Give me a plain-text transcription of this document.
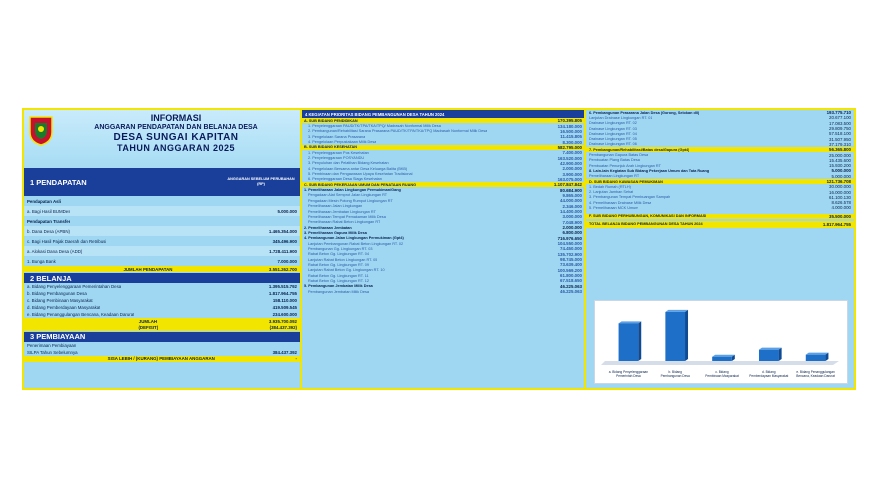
INFORMASI
ANGGARAN PENDAPATAN DAN BELANJA DESA
DESA SUNGAI KAPITAN
TAHUN ANGGARAN 2025
1 PENDAPATAN	ANGGARAN SEBELUM PERUBAHAN (RP)
Pendapatan Asli
a. Bagi Hasil BUMDes	5.000.000
Pendapatan Transfer
b. Dana Desa (APBN)	1.465.354.000
c. Bagi Hasil Pajak Daerah dan Retribusi	345.496.900
a. Alokasi Dana Desa (ADD)	1.728.411.900
1. Bunga Bank	7.000.000
JUMLAH PENDAPATAN	3.551.262.700
2 BELANJA
a. Bidang Penyelenggaraan Pemerintahan Desa	1.395.515.792
b. Bidang Pembangunan Desa	1.817.964.755
c. Bidang Pembinaan Masyarakat	158.110.000
d. Bidang Pemberdayaan Masyarakat	419.509.545
e. Bidang Penanggulangan Bencana, Keadaan Darurat	234.600.000
JUMLAH	3.935.700.092
(DEFISIT)	(384.437.392)
3 PEMBIAYAAN
Penerimaan Pembiayaan
SILPA Tahun Sebelumnya	384.437.392
SISA LEBIH / (KURANG) PEMBIAYAAN ANGGARAN	-
4 KEGIATAN PRIORITAS BIDANG PEMBANGUNAN DESA TAHUN 2024
A. SUB BIDANG PENDIDIKAN	170.395.805
1. Penyelenggaraan PAUD/TK/TPA/TKA/TPQ/ Madrasah Nonformal Milik Desa	134.180.000
2. Pembangunan/Rehabilitasi Sarana Prasarana PAUD/TK/TPA/TKA/TPQ Madrasah Nonformal Milik Desa	16.500.000
3. Pengelolaan Sarana Prasarana	11.415.805
4. Pengelolaan Perpustakaan Milik Desa	8.300.000
B. SUB BIDANG KESEHATAN	582.795.000
1. Penyelenggaraan Pos Kesehatan	7.400.000
2. Penyelenggaraan POSYANDU	163.520.000
3. Penyuluhan dan Pelatihan Bidang Kesehatan	42.900.000
4. Pengelolaan Bersama antar Desa Keluarga Balita (BKB)	2.000.000
5. Pembinaan dan Pengawasan Upaya Kesehatan Tradisional	3.900.000
6. Penyelenggaraan Desa Siaga Kesehatan	163.075.000
C. SUB BIDANG PEKERJAAN UMUM DAN PENATAAN RUANG	1.107.847.842
1. Pemeliharaan Jalan Lingkungan Permukiman/Gang	80.684.900
Pengadaan Alat Semprot Jalan Lingkungan RT	9.865.000
Pengadaan Mesin Potong Rumput Lingkungan RT	44.000.000
Pemeliharaan Jalan Lingkungan	2.346.000
Pemeliharaan Jembatan Lingkungan RT	14.400.000
Pemeliharaan Tempat Pemakaman Milik Desa	3.000.000
Pemeliharaan Rabat Beton Lingkungan RT	7.048.900
2. Pemeliharaan Jembatan	2.000.000
3. Pemeliharaan Gapura Milik Desa	6.800.000
4. Pembangunan Jalan Lingkungan Permukiman (Gpt4)	716.976.650
Lanjutan Pembangunan Rabat Beton Lingkungan RT. 02	104.550.000
Pembangunan Gg. Lingkungan RT. 03	74.450.000
Rabat Beton Gg. Lingkungan RT. 04	135.702.900
Lanjutan Rabat Beton Lingkungan RT. 05	98.745.000
Rabat Beton Gg. Lingkungan RT. 09	73.639.400
Lanjutan Rabat Beton Gg. Lingkungan RT. 10	100.569.200
Rabat Beton Gg. Lingkungan RT. 11	61.800.000
Rabat Beton Gg. Lingkungan RT. 12	67.518.650
5. Pembangunan Jembatan Milik Desa	46.225.063
Pembangunan Jembatan Milik Desa	46.225.063
6. Pembangunan Prasarana Jalan Desa (Gorong, Selokan dll)	193.775.710
Lanjutan Drainase Lingkungan RT. 01	20.677.100
Drainase Lingkungan RT. 02	17.083.500
Drainase Lingkungan RT. 03	29.809.750
Drainase Lingkungan RT. 04	57.518.100
Drainase Lingkungan RT. 05	31.507.950
Drainase Lingkungan RT. 06	37.179.310
7. Pembangunan/Rehabilitasi/Batas desa/Gapura (Gpt4)	56.365.800
Pembangunan Gapura Batas Desa	25.000.000
Pembuatan Plang Batas Desa	15.435.600
Pembuatan Penunjuk Arah Lingkungan RT	15.930.200
8. Lain-lain Kegiatan Sub Bidang Pekerjaan Umum dan Tata Ruang	5.000.000
Pemeliharaan Lingkungan RT	5.000.000
D. SUB BIDANG KAWASAN PEMUKIMAN	121.736.708
1. Bedah Rumah (RTLH)	30.000.000
2. Lanjutan Jamban Sehat	16.000.000
3. Pembangunan Tempat Pembuangan Sampah	61.100.130
4. Pemeliharaan Drainase Milik Desa	8.626.578
5. Pemeliharaan MCK Umum	4.000.000
F. SUB BIDANG PERHUBUNGAN, KOMUNIKASI DAN INFORMASI	35.500.000
TOTAL BELANJA BIDANG PEMBANGUNAN DESA TAHUN 2024	1.817.964.755
a. Bidang Penyelenggaraan Pemerintah Desa
b. Bidang Pembangunan Desa
c. Bidang Pembinaan Masyarakat
d. Bidang Pemberdayaan Masyarakat
e. Bidang Penanggulangan Bencana, Keadaan Darurat
